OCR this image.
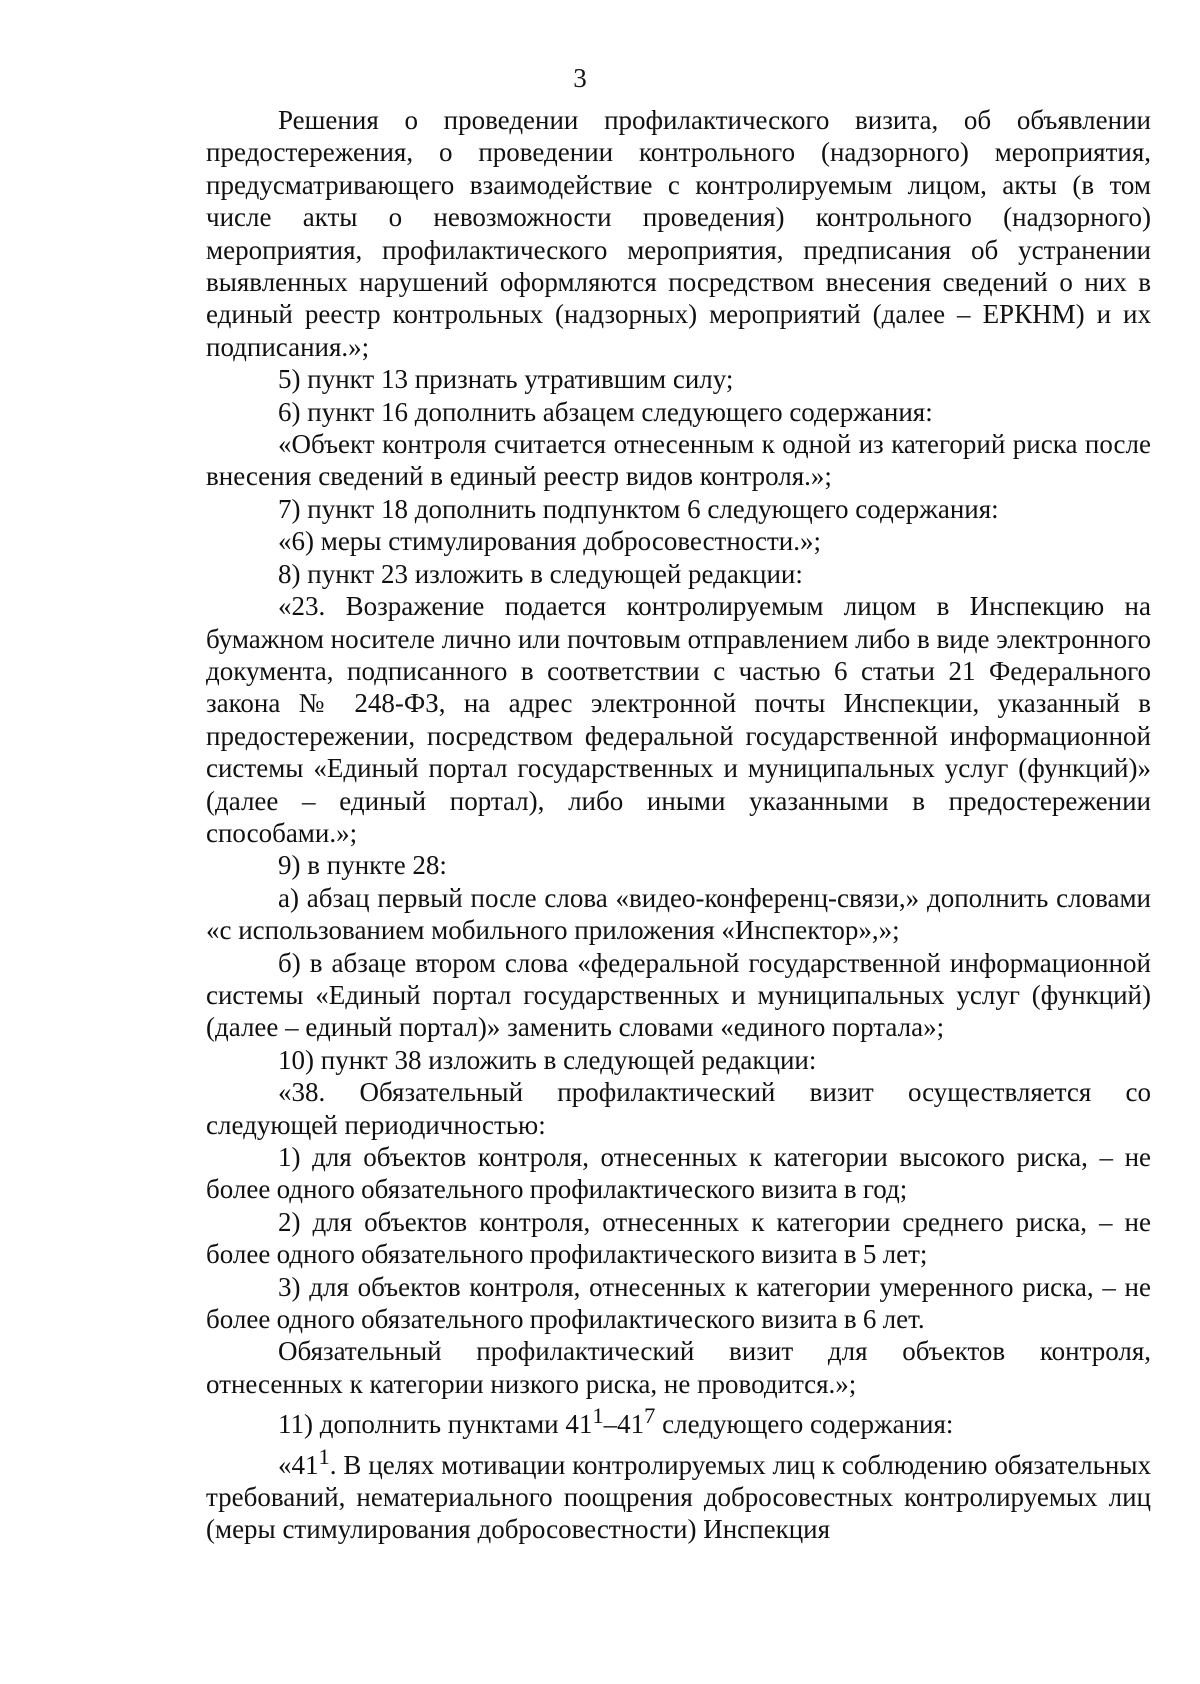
3

Решения о проведении профилактического визита, об объявлении предостережения, о проведении контрольного (надзорного) мероприятия, предусматривающего взаимодействие с контролируемым лицом, акты (в том числе акты о невозможности проведения) контрольного (надзорного) мероприятия, профилактического мероприятия, предписания об устранении выявленных нарушений оформляются посредством внесения сведений о них в единый реестр контрольных (надзорных) мероприятий (далее – ЕРКНМ) и их подписания.»;

5) пункт 13 признать утратившим силу;

6) пункт 16 дополнить абзацем следующего содержания:

«Объект контроля считается отнесенным к одной из категорий риска после внесения сведений в единый реестр видов контроля.»;

7) пункт 18 дополнить подпунктом 6 следующего содержания:

«6) меры стимулирования добросовестности.»;

8) пункт 23 изложить в следующей редакции:

«23. Возражение подается контролируемым лицом в Инспекцию на бумажном носителе лично или почтовым отправлением либо в виде электронного документа, подписанного в соответствии с частью 6 статьи 21 Федерального закона № 248-ФЗ, на адрес электронной почты Инспекции, указанный в предостережении, посредством федеральной государственной информационной системы «Единый портал государственных и муниципальных услуг (функций)» (далее – единый портал), либо иными указанными в предостережении способами.»;

9) в пункте 28:

а) абзац первый после слова «видео-конференц-связи,» дополнить словами «с использованием мобильного приложения «Инспектор»,»;

б) в абзаце втором слова «федеральной государственной информационной системы «Единый портал государственных и муниципальных услуг (функций) (далее – единый портал)» заменить словами «единого портала»;

10) пункт 38 изложить в следующей редакции:

«38. Обязательный профилактический визит осуществляется со следующей периодичностью:

1) для объектов контроля, отнесенных к категории высокого риска, – не более одного обязательного профилактического визита в год;

2) для объектов контроля, отнесенных к категории среднего риска, – не более одного обязательного профилактического визита в 5 лет;

3) для объектов контроля, отнесенных к категории умеренного риска, – не более одного обязательного профилактического визита в 6 лет.

Обязательный профилактический визит для объектов контроля, отнесенных к категории низкого риска, не проводится.»;

11) дополнить пунктами $41^1-41^7$ следующего содержания:

«$41^1$. В целях мотивации контролируемых лиц к соблюдению обязательных требований, нематериального поощрения добросовестных контролируемых лиц (меры стимулирования добросовестности) Инспекция
